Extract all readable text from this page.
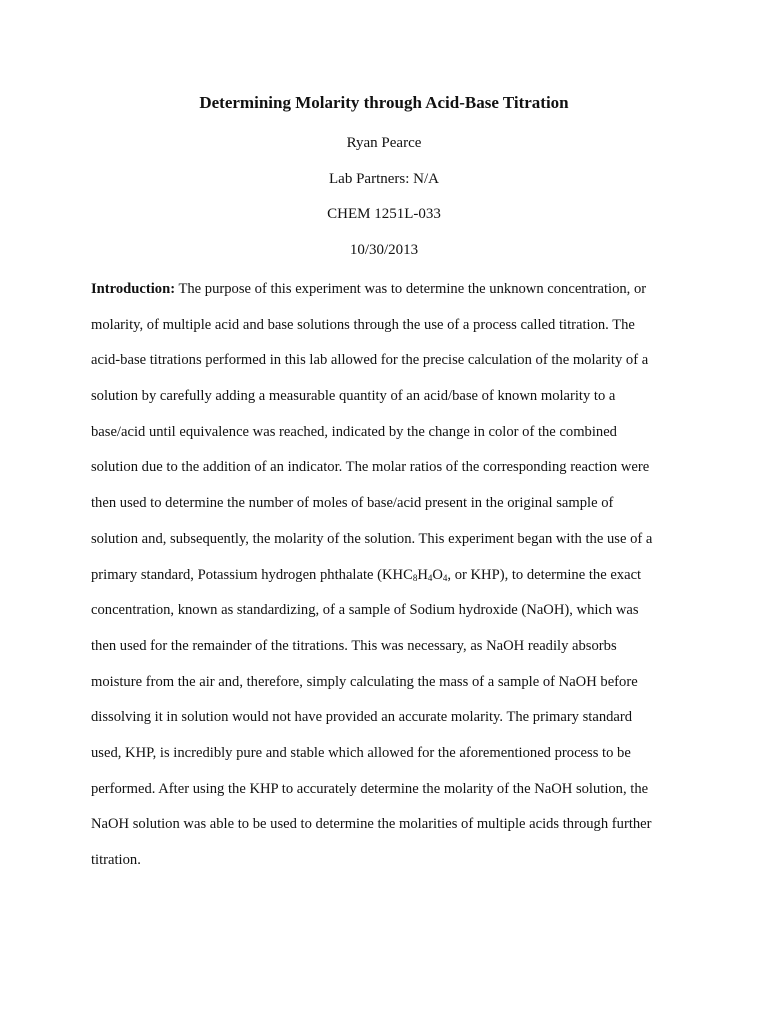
Determining Molarity through Acid-Base Titration
Ryan Pearce
Lab Partners: N/A
CHEM 1251L-033
10/30/2013
Introduction: The purpose of this experiment was to determine the unknown concentration, or
molarity, of multiple acid and base solutions through the use of a process called titration. The
acid-base titrations performed in this lab allowed for the precise calculation of the molarity of a
solution by carefully adding a measurable quantity of an acid/base of known molarity to a
base/acid until equivalence was reached, indicated by the change in color of the combined
solution due to the addition of an indicator. The molar ratios of the corresponding reaction were
then used to determine the number of moles of base/acid present in the original sample of
solution and, subsequently, the molarity of the solution. This experiment began with the use of a
primary standard, Potassium hydrogen phthalate ($KHC_8H_4O_4$, or KHP), to determine the exact
concentration, known as standardizing, of a sample of Sodium hydroxide (NaOH), which was
then used for the remainder of the titrations. This was necessary, as NaOH readily absorbs
moisture from the air and, therefore, simply calculating the mass of a sample of NaOH before
dissolving it in solution would not have provided an accurate molarity. The primary standard
used, KHP, is incredibly pure and stable which allowed for the aforementioned process to be
performed. After using the KHP to accurately determine the molarity of the NaOH solution, the
NaOH solution was able to be used to determine the molarities of multiple acids through further
titration.
